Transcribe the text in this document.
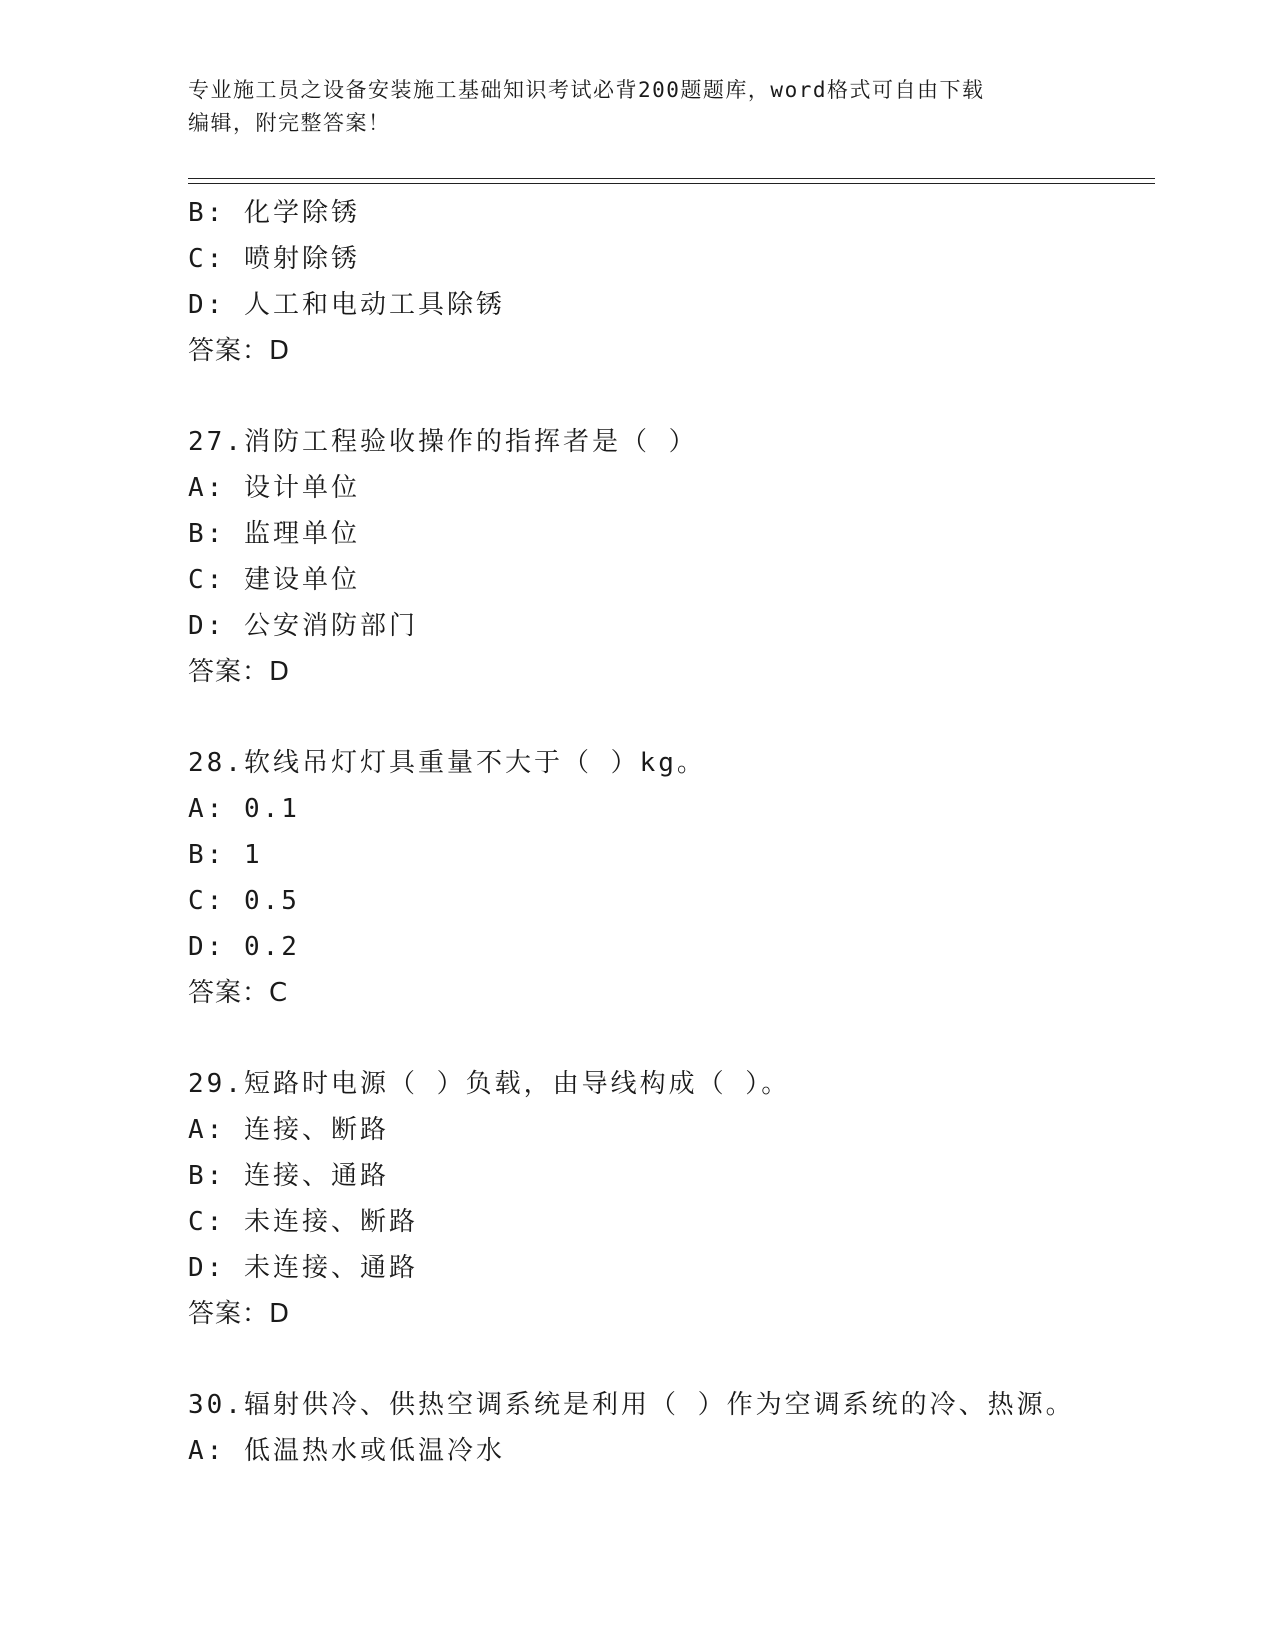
专业施工员之设备安装施工基础知识考试必背200题题库，word格式可自由下载
编辑，附完整答案！
B: 化学除锈
C: 喷射除锈
D: 人工和电动工具除锈
答案：D
27.消防工程验收操作的指挥者是（ ）
A: 设计单位
B: 监理单位
C: 建设单位
D: 公安消防部门
答案：D
28.软线吊灯灯具重量不大于（ ）kg。
A: 0.1
B: 1
C: 0.5
D: 0.2
答案：C
29.短路时电源（ ）负载，由导线构成（ ）。
A: 连接、断路
B: 连接、通路
C: 未连接、断路
D: 未连接、通路
答案：D
30.辐射供冷、供热空调系统是利用（ ）作为空调系统的冷、热源。
A: 低温热水或低温冷水
